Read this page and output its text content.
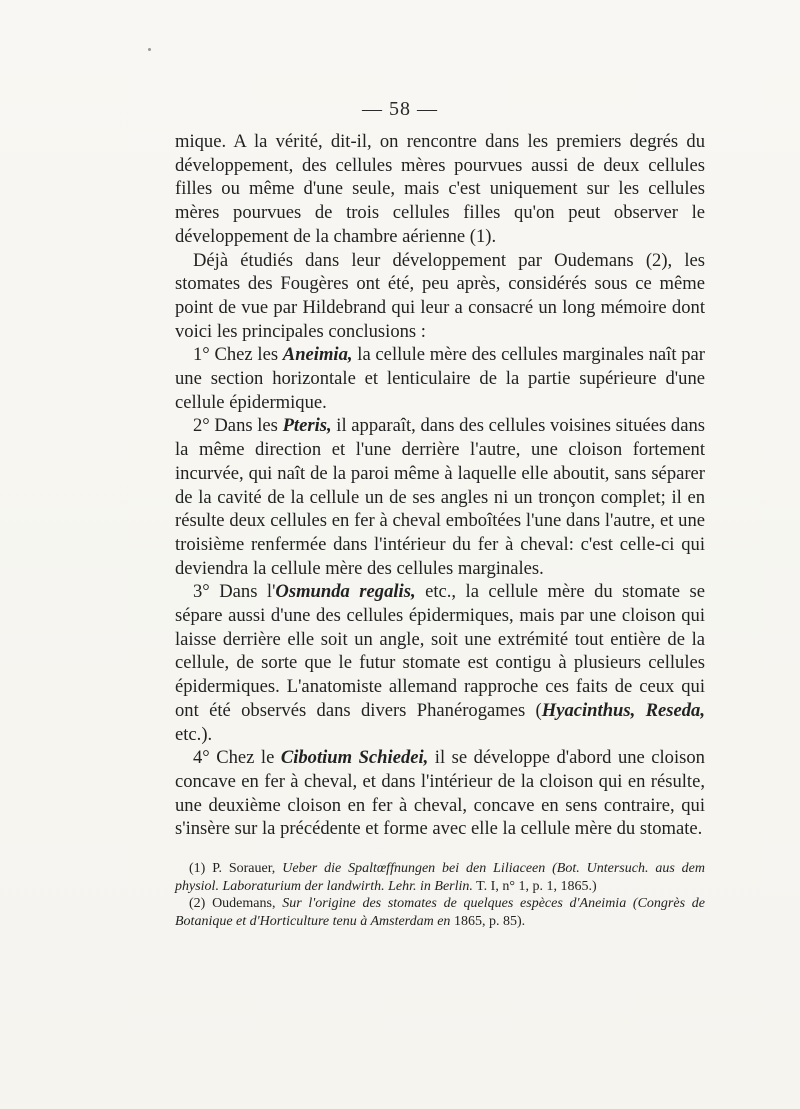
— 58 —

mique. A la vérité, dit-il, on rencontre dans les premiers degrés du développement, des cellules mères pourvues aussi de deux cellules filles ou même d'une seule, mais c'est uniquement sur les cellules mères pourvues de trois cellules filles qu'on peut observer le développement de la chambre aérienne (1).

Déjà étudiés dans leur développement par Oudemans (2), les stomates des Fougères ont été, peu après, considérés sous ce même point de vue par Hildebrand qui leur a consacré un long mémoire dont voici les principales conclusions :

1° Chez les Aneimia, la cellule mère des cellules marginales naît par une section horizontale et lenticulaire de la partie supérieure d'une cellule épidermique.

2° Dans les Pteris, il apparaît, dans des cellules voisines situées dans la même direction et l'une derrière l'autre, une cloison fortement incurvée, qui naît de la paroi même à laquelle elle aboutit, sans séparer de la cavité de la cellule un de ses angles ni un tronçon complet; il en résulte deux cellules en fer à cheval emboîtées l'une dans l'autre, et une troisième renfermée dans l'intérieur du fer à cheval: c'est celle-ci qui deviendra la cellule mère des cellules marginales.

3° Dans l'Osmunda regalis, etc., la cellule mère du stomate se sépare aussi d'une des cellules épidermiques, mais par une cloison qui laisse derrière elle soit un angle, soit une extrémité tout entière de la cellule, de sorte que le futur stomate est contigu à plusieurs cellules épidermiques. L'anatomiste allemand rapproche ces faits de ceux qui ont été observés dans divers Phanérogames (Hyacinthus, Reseda, etc.).

4° Chez le Cibotium Schiedei, il se développe d'abord une cloison concave en fer à cheval, et dans l'intérieur de la cloison qui en résulte, une deuxième cloison en fer à cheval, concave en sens contraire, qui s'insère sur la précédente et forme avec elle la cellule mère du stomate.

(1) P. Sorauer, Ueber die Spaltœffnungen bei den Liliaceen (Bot. Untersuch. aus dem physiol. Laboraturium der landwirth. Lehr. in Berlin. T. I, n° 1, p. 1, 1865.)

(2) Oudemans, Sur l'origine des stomates de quelques espèces d'Aneimia (Congrès de Botanique et d'Horticulture tenu à Amsterdam en 1865, p. 85).
